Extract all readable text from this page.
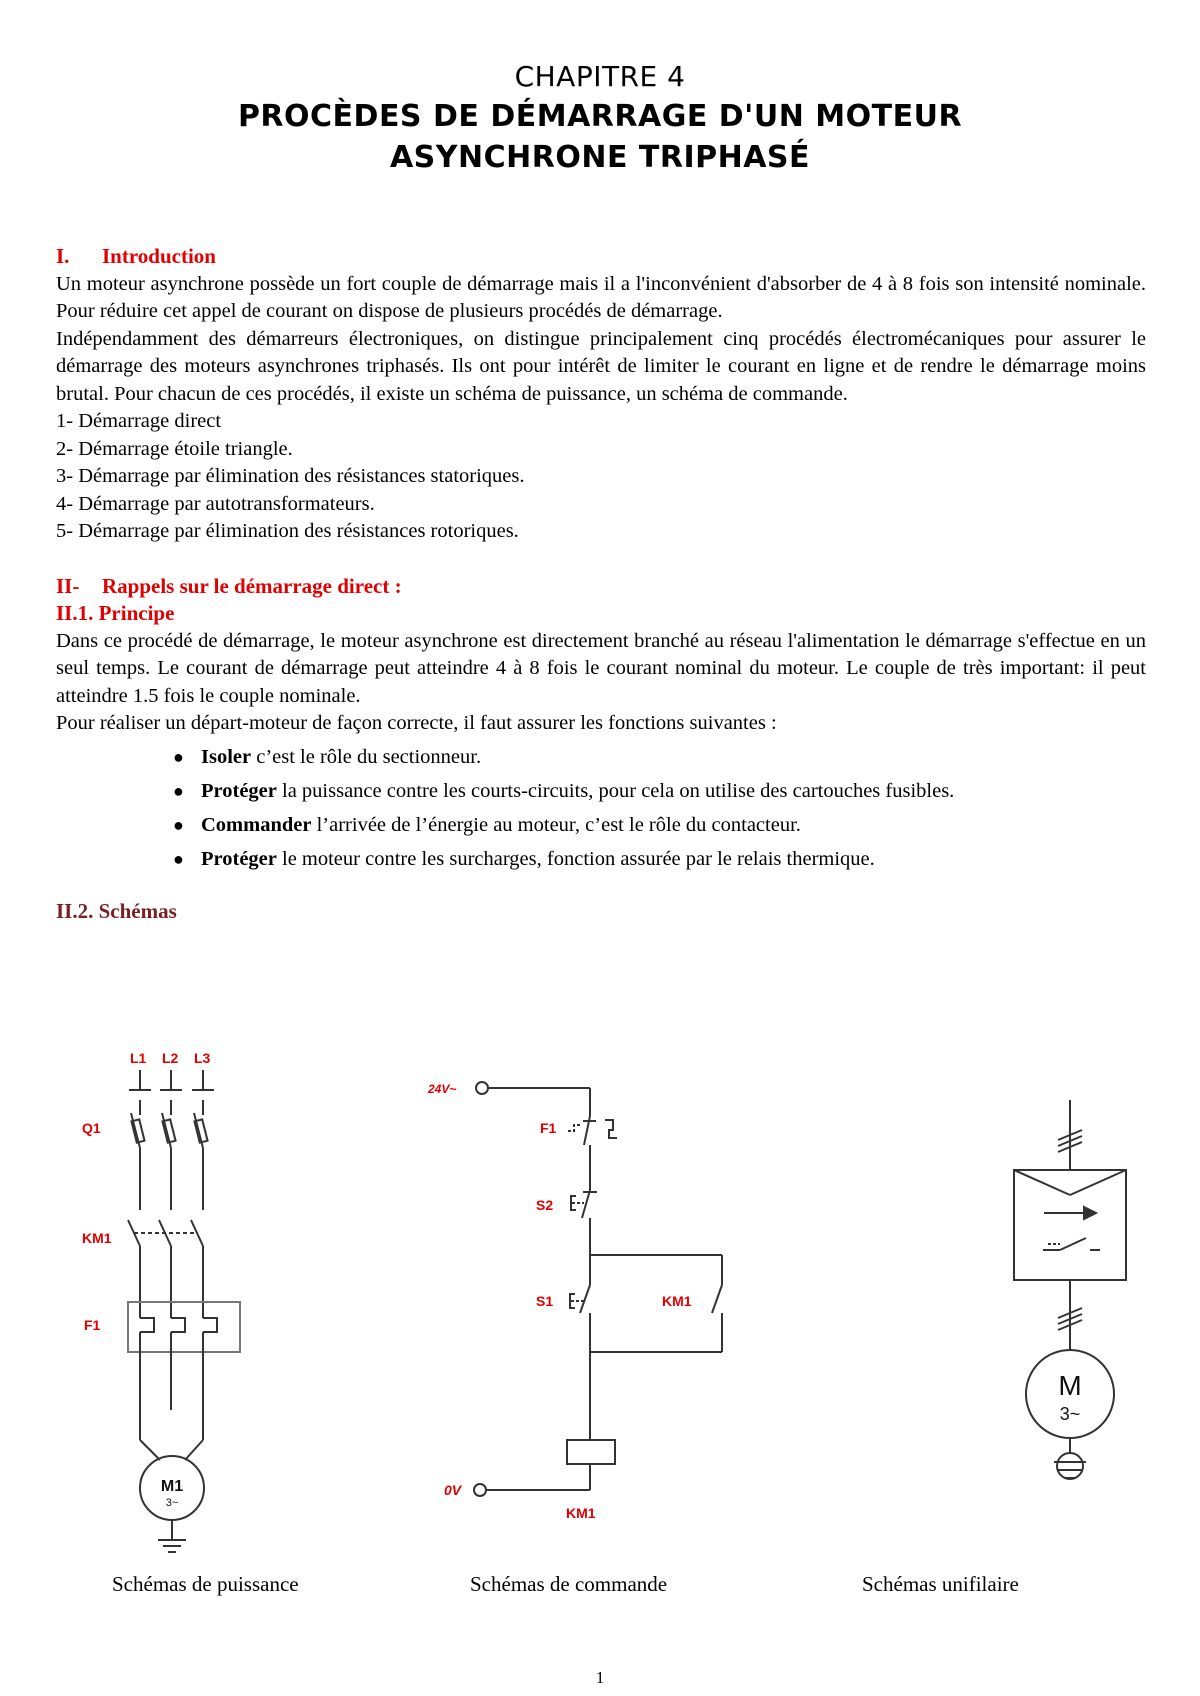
CHAPITRE 4
PROCÈDES DE DÉMARRAGE D'UN MOTEUR
ASYNCHRONE TRIPHASÉ
I. Introduction

Un moteur asynchrone possède un fort couple de démarrage mais il a l'inconvénient d'absorber de 4 à 8 fois son intensité nominale. Pour réduire cet appel de courant on dispose de plusieurs procédés de démarrage.

Indépendamment des démarreurs électroniques, on distingue principalement cinq procédés électromécaniques pour assurer le démarrage des moteurs asynchrones triphasés. Ils ont pour intérêt de limiter le courant en ligne et de rendre le démarrage moins brutal. Pour chacun de ces procédés, il existe un schéma de puissance, un schéma de commande.

1- Démarrage direct
2- Démarrage étoile triangle.
3- Démarrage par élimination des résistances statoriques.
4- Démarrage par autotransformateurs.
5- Démarrage par élimination des résistances rotoriques.
II- Rappels sur le démarrage direct :
II.1. Principe

Dans ce procédé de démarrage, le moteur asynchrone est directement branché au réseau l'alimentation le démarrage s'effectue en un seul temps. Le courant de démarrage peut atteindre 4 à 8 fois le courant nominal du moteur. Le couple de très important: il peut atteindre 1.5 fois le couple nominale.

Pour réaliser un départ-moteur de façon correcte, il faut assurer les fonctions suivantes :

● Isoler c’est le rôle du sectionneur.
● Protéger la puissance contre les courts-circuits, pour cela on utilise des cartouches fusibles.
● Commander l’arrivée de l’énergie au moteur, c’est le rôle du contacteur.
● Protéger le moteur contre les surcharges, fonction assurée par le relais thermique.
II.2. Schémas
L1 L2 L3
Q1
KM1
F1
24V~
F1
S2
S1	KM1
0V
KM1
M1
3~
M
3~
Schémas de puissance	Schémas de commande	Schémas unifilaire
1
